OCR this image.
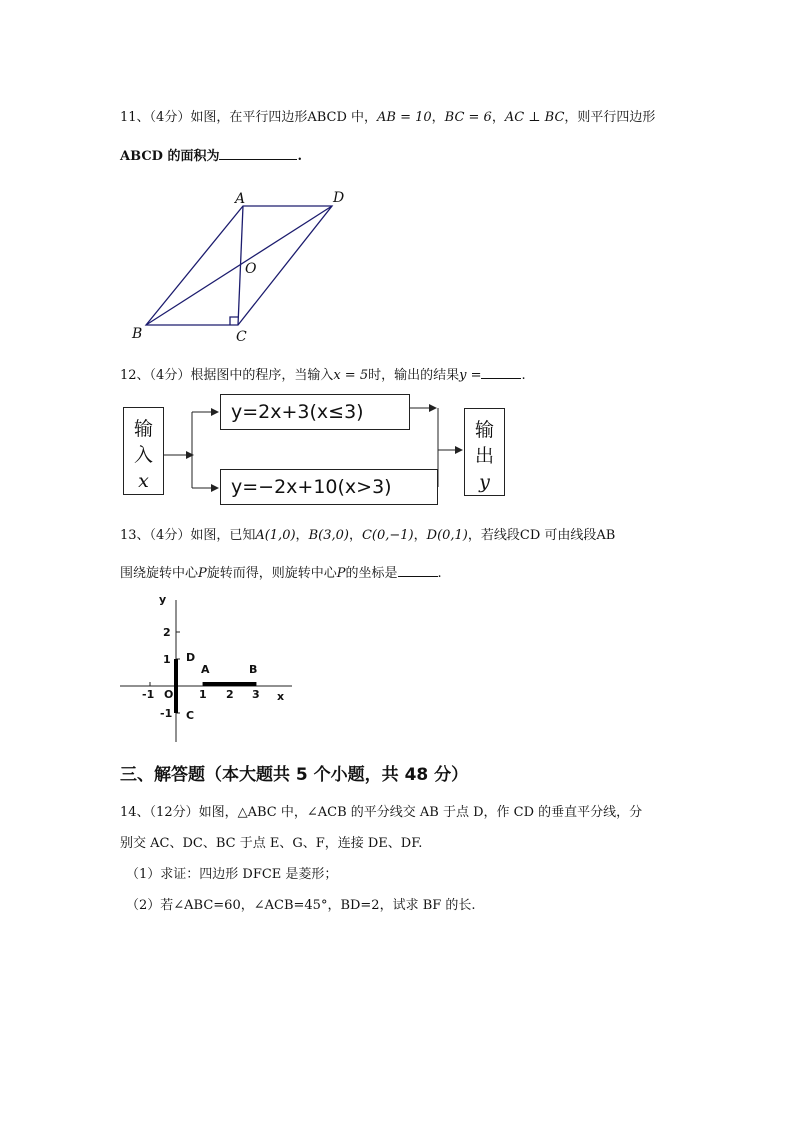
11、（4分）如图，在平行四边形ABCD 中，AB = 10，BC = 6，AC ⊥ BC，则平行四边形
ABCD 的面积为	.
A	D
O
B	C
12、（4分）根据图中的程序，当输入x = 5时，输出的结果y =	.
输
入
x
y=2x+3(x≤3)
y=−2x+10(x>3)
输
出
y
13、（4分）如图，已知A(1,0)，B(3,0)，C(0,−1)，D(0,1)，若线段CD 可由线段AB
围绕旋转中心P旋转而得，则旋转中心P的坐标是	.
y
x
-1 O 1 2 3
2
1
-1
D
A	B
C
三、解答题（本大题共 5 个小题，共 48 分）
14、（12分）如图，△ABC 中，∠ACB 的平分线交 AB 于点 D，作 CD 的垂直平分线，分
别交 AC、DC、BC 于点 E、G、F，连接 DE、DF.
（1）求证：四边形 DFCE 是菱形；
（2）若∠ABC=60，∠ACB=45°，BD=2，试求 BF 的长.
